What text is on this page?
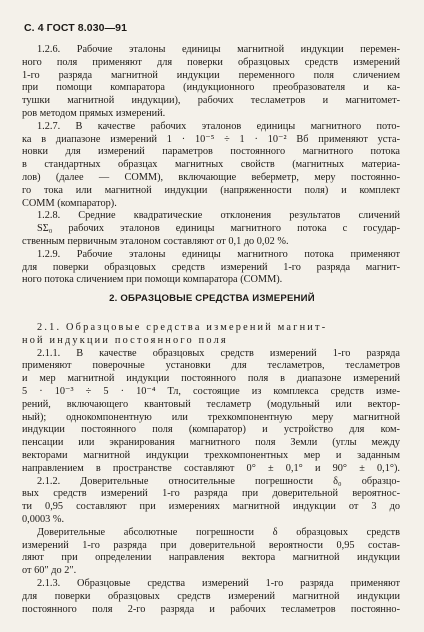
С. 4 ГОСТ 8.030—91
1.2.6. Рабочие эталоны единицы магнитной индукции перемен-
ного поля применяют для поверки образцовых средств измерений
1-го разряда магнитной индукции переменного поля сличением
при помощи компаратора (индукционного преобразователя и ка-
тушки магнитной индукции), рабочих тесламетров и магнитомет-
ров методом прямых измерений.
1.2.7. В качестве рабочих эталонов единицы магнитного пото-
ка в диапазоне измерений 1 · 10⁻⁵ ÷ 1 · 10⁻² Вб применяют уста-
новки для измерений параметров постоянного магнитного потока
в стандартных образцах магнитных свойств (магнитных материа-
лов) (далее — СОММ), включающие веберметр, меру постоянно-
го тока или магнитной индукции (напряженности поля) и комплект
СОММ (компаратор).
1.2.8. Средние квадратические отклонения результатов сличений
SΣ₀ рабочих эталонов единицы магнитного потока с государ-
ственным первичным эталоном составляют от 0,1 до 0,02 %.
1.2.9. Рабочие эталоны единицы магнитного потока применяют
для поверки образцовых средств измерений 1-го разряда магнит-
ного потока сличением при помощи компаратора (СОММ).
2. ОБРАЗЦОВЫЕ СРЕДСТВА ИЗМЕРЕНИЙ
2.1. Образцовые средства измерений магнит-
ной индукции постоянного поля
2.1.1. В качестве образцовых средств измерений 1-го разряда
применяют поверочные установки для тесламетров, тесламетров
и мер магнитной индукции постоянного поля в диапазоне измерений
5 · 10⁻³ ÷ 5 · 10⁻⁴ Тл, состоящие из комплекса средств изме-
рений, включающего квантовый тесламетр (модульный или вектор-
ный); однокомпонентную или трехкомпонентную меру магнитной
индукции постоянного поля (компаратор) и устройство для ком-
пенсации или экранирования магнитного поля Земли (углы между
векторами магнитной индукции трехкомпонентных мер и заданным
направлением в пространстве составляют 0° ± 0,1° и 90° ± 0,1°).
2.1.2. Доверительные относительные погрешности δ₀ образцо-
вых средств измерений 1-го разряда при доверительной вероятнос-
ти 0,95 составляют при измерениях магнитной индукции от 3 до
0,0003 %.
Доверительные абсолютные погрешности δ образцовых средств
измерений 1-го разряда при доверительной вероятности 0,95 состав-
ляют при определении направления вектора магнитной индукции
от 60″ до 2″.
2.1.3. Образцовые средства измерений 1-го разряда применяют
для поверки образцовых средств измерений магнитной индукции
постоянного поля 2-го разряда и рабочих тесламетров постоянно-
